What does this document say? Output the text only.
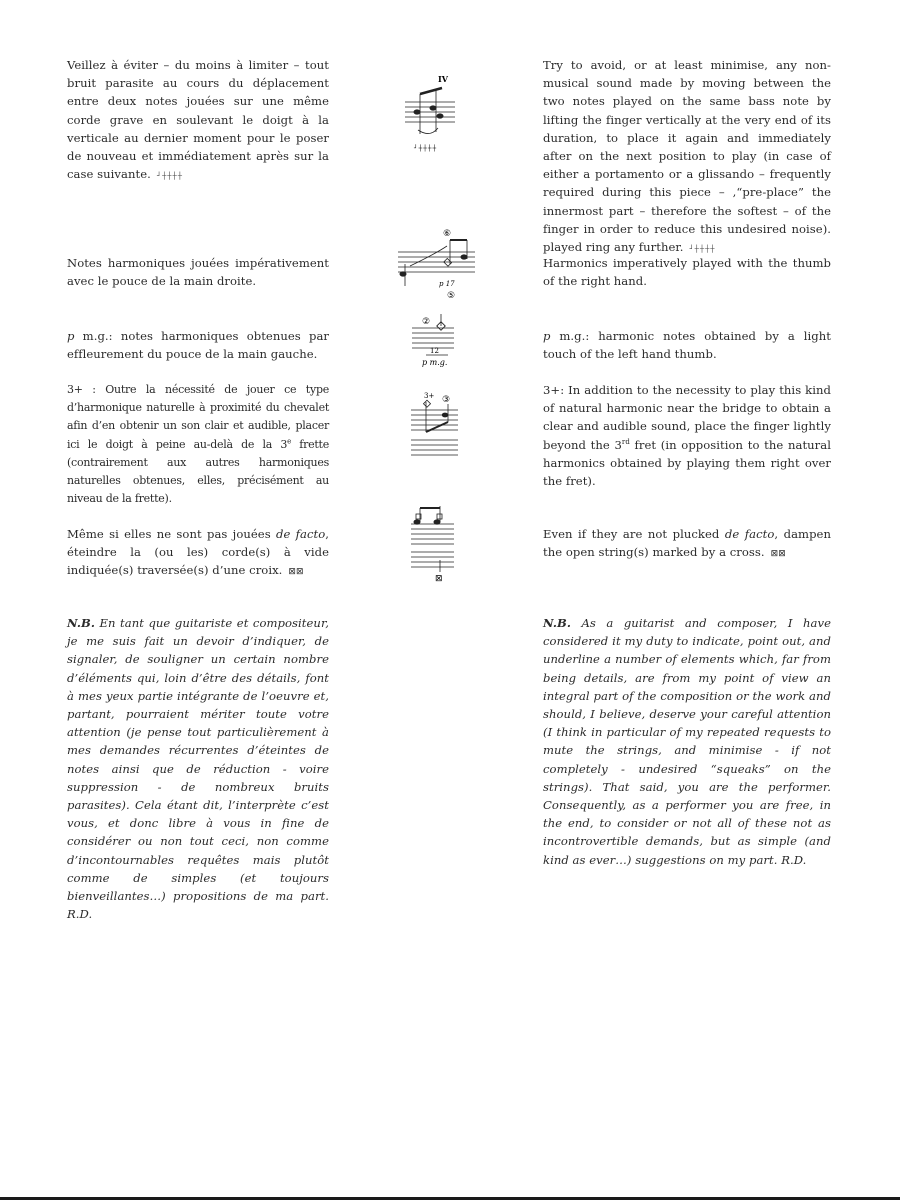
Veillez à éviter – du moins à limiter – tout bruit parasite au cours du déplacement entre deux notes jouées sur une même corde grave en soulevant le doigt à la verticale au dernier moment pour le poser de nouveau et immédiatement après sur la case suivante. ┘┼┼┼┼
Notes harmoniques jouées impérativement avec le pouce de la main droite.
p m.g.: notes harmoniques obtenues par effleurement du pouce de la main gauche.
3+ : Outre la nécessité de jouer ce type d’harmonique naturelle à proximité du chevalet afin d’en obtenir un son clair et audible, placer ici le doigt à peine au-delà de la 3e frette (contrairement aux autres harmoniques naturelles obtenues, elles, précisément au niveau de la frette).
Même si elles ne sont pas jouées de facto, éteindre la (ou les) corde(s) à vide indiquée(s) traversée(s) d’une croix. ⊠⊠
N.B. En tant que guitariste et compositeur, je me suis fait un devoir d’indiquer, de signaler, de souligner un certain nombre d’éléments qui, loin d’être des détails, font à mes yeux partie intégrante de l’oeuvre et, partant, pourraient mériter toute votre attention (je pense tout particulièrement à mes demandes récurrentes d’éteintes de notes ainsi que de réduction - voire suppression - de nombreux bruits parasites). Cela étant dit, l’interprète c’est vous, et donc libre à vous in fine de considérer ou non tout ceci, non comme d’incontournables requêtes mais plutôt comme de simples (et toujours bienveillantes…) propositions de ma part. R.D.
Try to avoid, or at least minimise, any non-musical sound made by moving between the two notes played on the same bass note by lifting the finger vertically at the very end of its duration, to place it again and immediately after on the next position to play (in case of either a portamento or a glissando – frequently required during this piece – ,“pre-place” the innermost part – therefore the softest – of the finger in order to reduce this undesired noise). played ring any further. ┘┼┼┼┼
Harmonics imperatively played with the thumb of the right hand.
p m.g.: harmonic notes obtained by a light touch of the left hand thumb.
3+: In addition to the necessity to play this kind of natural harmonic near the bridge to obtain a clear and audible sound, place the finger lightly beyond the 3rd fret (in opposition to the natural harmonics obtained by playing them right over the fret).
Even if they are not plucked de facto, dampen the open string(s) marked by a cross. ⊠⊠
N.B. As a guitarist and composer, I have considered it my duty to indicate, point out, and underline a number of elements which, far from being details, are from my point of view an integral part of the composition or the work and should, I believe, deserve your careful attention (I think in particular of my repeated requests to mute the strings, and minimise - if not completely - undesired “squeaks” on the strings). That said, you are the performer. Consequently, as a performer you are free, in the end, to consider or not all of these not as incontrovertible demands, but as simple (and kind as ever…) suggestions on my part. R.D.
IV
┘┼┼┼┼
⑥
p 17
⑤
②
12
p m.g.
3+ ③
⊠
